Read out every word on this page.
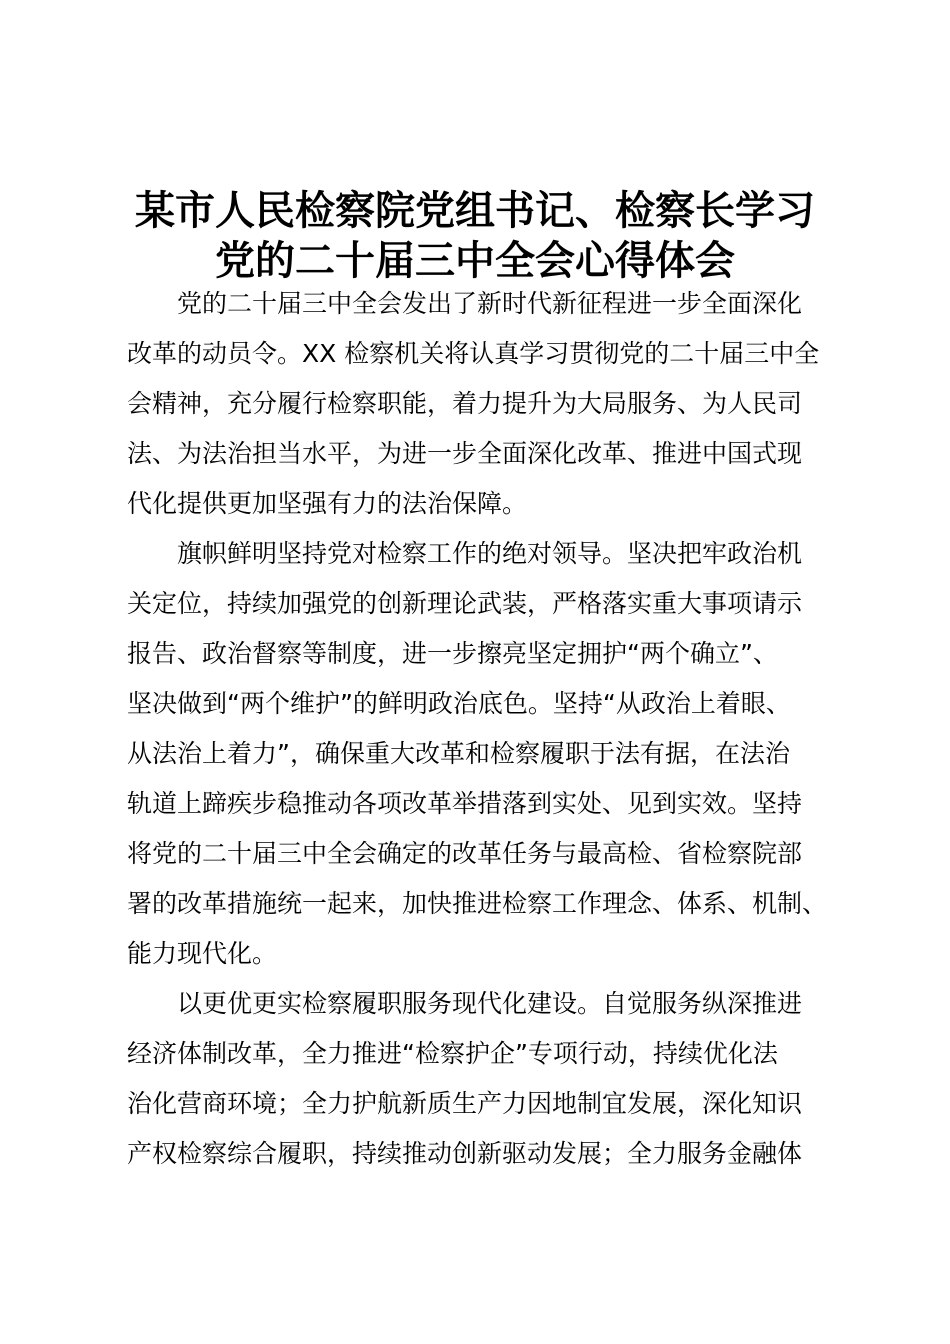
某市人民检察院党组书记、检察长学习
党的二十届三中全会心得体会
党的二十届三中全会发出了新时代新征程进一步全面深化
改革的动员令。XX 检察机关将认真学习贯彻党的二十届三中全
会精神，充分履行检察职能，着力提升为大局服务、为人民司
法、为法治担当水平，为进一步全面深化改革、推进中国式现
代化提供更加坚强有力的法治保障。
旗帜鲜明坚持党对检察工作的绝对领导。坚决把牢政治机
关定位，持续加强党的创新理论武装，严格落实重大事项请示
报告、政治督察等制度，进一步擦亮坚定拥护“两个确立”、
坚决做到“两个维护”的鲜明政治底色。坚持“从政治上着眼、
从法治上着力”，确保重大改革和检察履职于法有据，在法治
轨道上蹄疾步稳推动各项改革举措落到实处、见到实效。坚持
将党的二十届三中全会确定的改革任务与最高检、省检察院部
署的改革措施统一起来，加快推进检察工作理念、体系、机制、
能力现代化。
以更优更实检察履职服务现代化建设。自觉服务纵深推进
经济体制改革，全力推进“检察护企”专项行动，持续优化法
治化营商环境；全力护航新质生产力因地制宜发展，深化知识
产权检察综合履职，持续推动创新驱动发展；全力服务金融体
